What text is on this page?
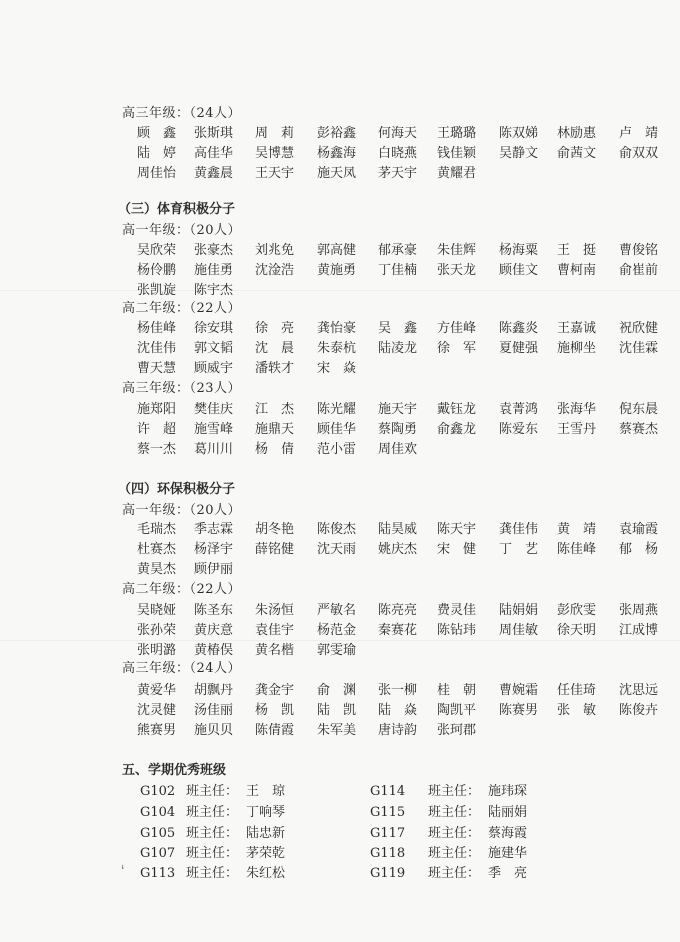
高三年级：（24人）
（三）体育积极分子
高一年级：（20人）
高二年级：（22人）
高三年级：（23人）
（四）环保积极分子
高一年级：（20人）
高二年级：（22人）
高三年级：（24人）
五、学期优秀班级
G102 班主任： 王　琼
G104 班主任： 丁响琴
G105 班主任： 陆忠新
G107 班主任： 茅荣乾
G113 班主任： 朱红松
G114 班主任： 施玮琛
G115 班主任： 陆丽娟
G117 班主任： 蔡海霞
G118 班主任： 施建华
G119 班主任： 季　亮
ꜜ
顾　鑫 张斯琪 周　莉 彭裕鑫 何海天 王璐璐 陈双娣 林励惠 卢　靖
陆　婷 高佳华 吴博慧 杨鑫海 白晓燕 钱佳颖 吴静文 俞茜文 俞双双
周佳怡 黄鑫晨 王天宇 施天凤 茅天宇 黄耀君
吴欣荣 张豪杰 刘兆免 郭高健 郁承豪 朱佳辉 杨海粟 王　挺 曹俊铭
杨伶鹏 施佳勇 沈淦浩 黄施勇 丁佳楠 张天龙 顾佳文 曹柯南 俞崔前
张凯旋 陈宇杰
杨佳峰 徐安琪 徐　亮 龚怡豪 吴　鑫 方佳峰 陈鑫炎 王嘉诚 祝欣健
沈佳伟 郭文韬 沈　晨 朱泰杭 陆凌龙 徐　军 夏健强 施柳坐 沈佳霖
曹天慧 顾威宇 潘轶才 宋　焱
施郑阳 樊佳庆 江　杰 陈光耀 施天宇 戴钰龙 袁菁鸿 张海华 倪东晨
许　超 施雪峰 施鼎天 顾佳华 蔡陶勇 俞鑫龙 陈爱东 王雪丹 蔡赛杰
蔡一杰 葛川川 杨　倩 范小雷 周佳欢
毛瑞杰 季志霖 胡冬艳 陈俊杰 陆昊威 陈天宇 龚佳伟 黄　靖 袁瑜霞
杜赛杰 杨泽宇 薛铭健 沈天雨 姚庆杰 宋　健 丁　艺 陈佳峰 郁　杨
黄昊杰 顾伊丽
吴晓娅 陈圣东 朱汤恒 严敏名 陈亮亮 费灵佳 陆娟娟 彭欣雯 张周燕
张孙荣 黄庆意 袁佳宇 杨范金 秦赛花 陈钻玮 周佳敏 徐天明 江成博
张明潞 黄椿俣 黄名楷 郭雯瑜
黄爱华 胡飘丹 龚金宇 俞　渊 张一柳 桂　朝 曹婉霜 任佳琦 沈思远
沈灵健 汤佳丽 杨　凯 陆　凯 陆　焱 陶凯平 陈赛男 张　敏 陈俊卉
熊赛男 施贝贝 陈倩霞 朱军美 唐诗韵 张珂郡
